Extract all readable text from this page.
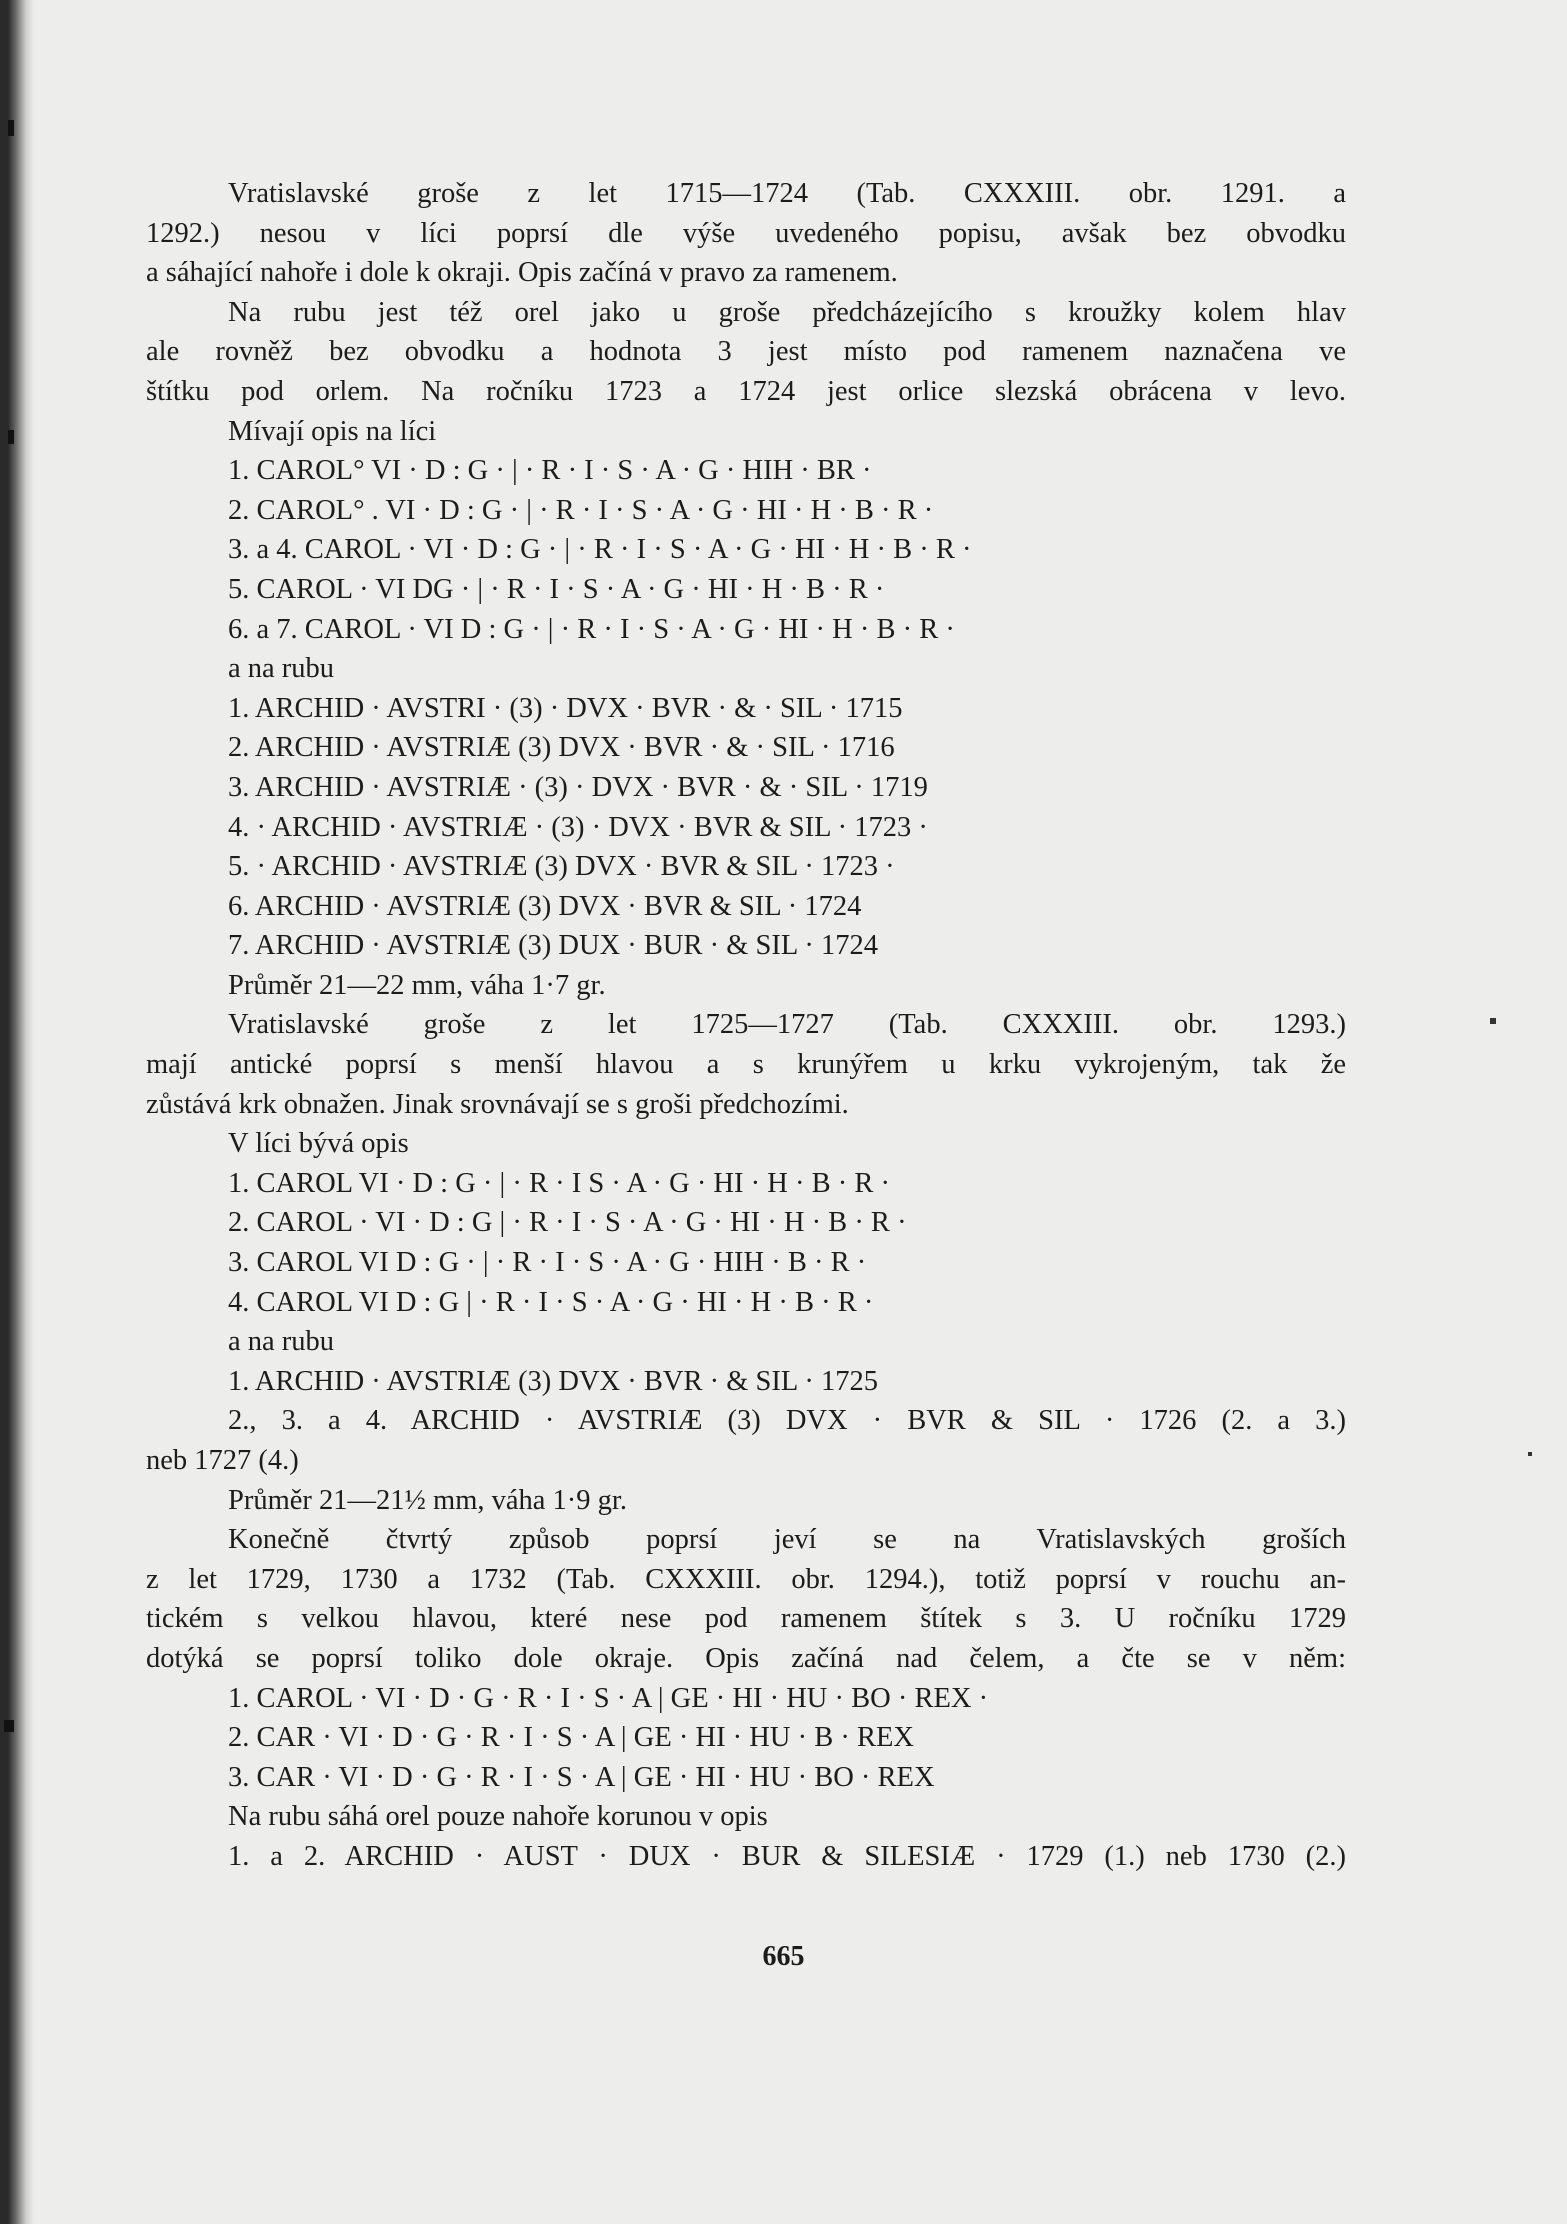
Vratislavské groše z let 1715—1724 (Tab. CXXXIII. obr. 1291. a
1292.) nesou v líci poprsí dle výše uvedeného popisu, avšak bez obvodku
a sáhající nahoře i dole k okraji. Opis začíná v pravo za ramenem.
Na rubu jest též orel jako u groše předcházejícího s kroužky kolem hlav
ale rovněž bez obvodku a hodnota 3 jest místo pod ramenem naznačena ve
štítku pod orlem. Na ročníku 1723 a 1724 jest orlice slezská obrácena v levo.
Mívají opis na líci
1. CAROL° VI · D : G · | · R · I · S · A · G · HIH · BR ·
2. CAROL° . VI · D : G · | · R · I · S · A · G · HI · H · B · R ·
3. a 4. CAROL · VI · D : G · | · R · I · S · A · G · HI · H · B · R ·
5. CAROL · VI DG · | · R · I · S · A · G · HI · H · B · R ·
6. a 7. CAROL · VI D : G · | · R · I · S · A · G · HI · H · B · R ·
a na rubu
1. ARCHID · AVSTRI · (3) · DVX · BVR · & · SIL · 1715
2. ARCHID · AVSTRIÆ (3) DVX · BVR · & · SIL · 1716
3. ARCHID · AVSTRIÆ · (3) · DVX · BVR · & · SIL · 1719
4. · ARCHID · AVSTRIÆ · (3) · DVX · BVR & SIL · 1723 ·
5. · ARCHID · AVSTRIÆ (3) DVX · BVR & SIL · 1723 ·
6. ARCHID · AVSTRIÆ (3) DVX · BVR & SIL · 1724
7. ARCHID · AVSTRIÆ (3) DUX · BUR · & SIL · 1724
Průměr 21—22 mm, váha 1·7 gr.
Vratislavské groše z let 1725—1727 (Tab. CXXXIII. obr. 1293.)
mají antické poprsí s menší hlavou a s krunýřem u krku vykrojeným, tak že
zůstává krk obnažen. Jinak srovnávají se s groši předchozími.
V líci bývá opis
1. CAROL VI · D : G · | · R · I S · A · G · HI · H · B · R ·
2. CAROL · VI · D : G | · R · I · S · A · G · HI · H · B · R ·
3. CAROL VI D : G · | · R · I · S · A · G · HIH · B · R ·
4. CAROL VI D : G | · R · I · S · A · G · HI · H · B · R ·
a na rubu
1. ARCHID · AVSTRIÆ (3) DVX · BVR · & SIL · 1725
2., 3. a 4. ARCHID · AVSTRIÆ (3) DVX · BVR & SIL · 1726 (2. a 3.)
neb 1727 (4.)
Průměr 21—21½ mm, váha 1·9 gr.
Konečně čtvrtý způsob poprsí jeví se na Vratislavských groších
z let 1729, 1730 a 1732 (Tab. CXXXIII. obr. 1294.), totiž poprsí v rouchu an-
tickém s velkou hlavou, které nese pod ramenem štítek s 3. U ročníku 1729
dotýká se poprsí toliko dole okraje. Opis začíná nad čelem, a čte se v něm:
1. CAROL · VI · D · G · R · I · S · A | GE · HI · HU · BO · REX ·
2. CAR · VI · D · G · R · I · S · A | GE · HI · HU · B · REX
3. CAR · VI · D · G · R · I · S · A | GE · HI · HU · BO · REX
Na rubu sáhá orel pouze nahoře korunou v opis
1. a 2. ARCHID · AUST · DUX · BUR & SILESIÆ · 1729 (1.) neb 1730 (2.)
665
